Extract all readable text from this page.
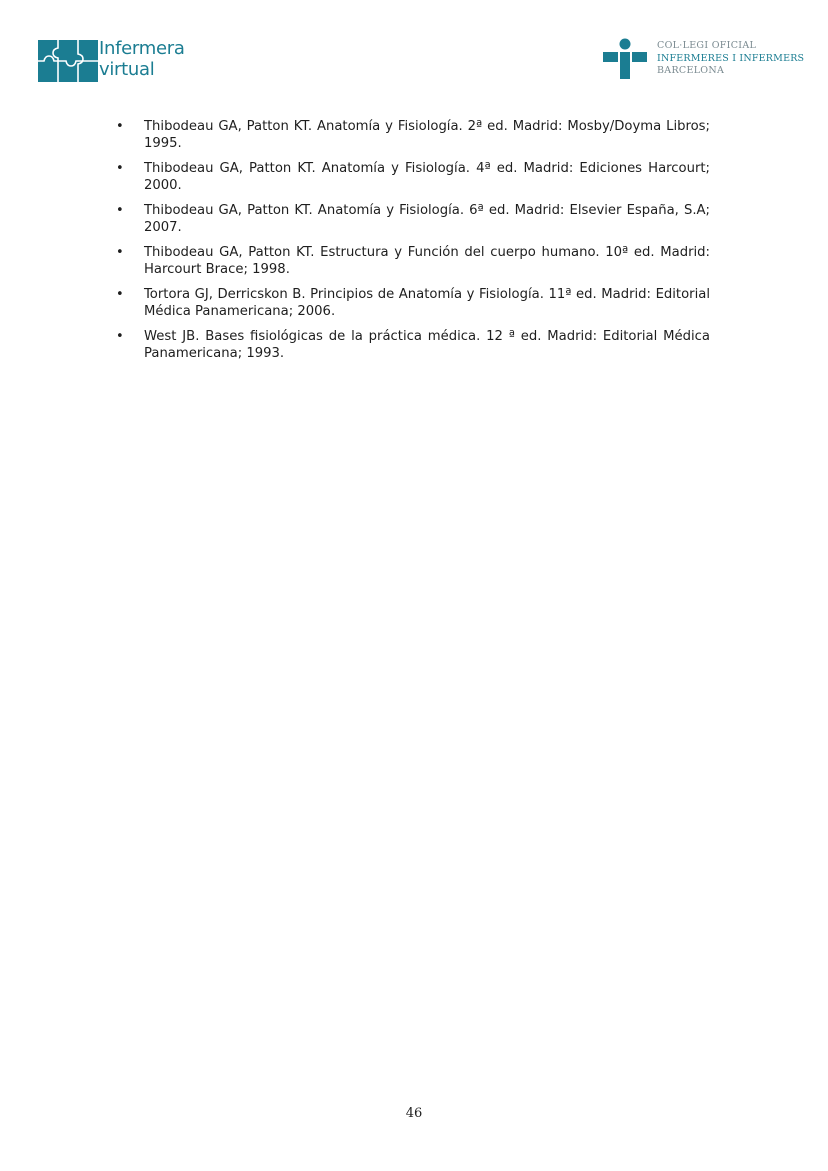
Infermera
virtual
COL·LEGI OFICIAL
INFERMERES I INFERMERS
BARCELONA
• Thibodeau GA, Patton KT. Anatomía y Fisiología. 2ª ed. Madrid: Mosby/Doyma Libros; 1995.
• Thibodeau GA, Patton KT. Anatomía y Fisiología. 4ª ed. Madrid: Ediciones Harcourt; 2000.
• Thibodeau GA, Patton KT. Anatomía y Fisiología. 6ª ed. Madrid: Elsevier España, S.A; 2007.
• Thibodeau GA, Patton KT. Estructura y Función del cuerpo humano. 10ª ed. Madrid: Harcourt Brace; 1998.
• Tortora GJ, Derricskon B. Principios de Anatomía y Fisiología. 11ª ed. Madrid: Editorial Médica Panamericana; 2006.
• West JB. Bases fisiológicas de la práctica médica. 12 ª ed. Madrid: Editorial Médica Panamericana; 1993.
46
